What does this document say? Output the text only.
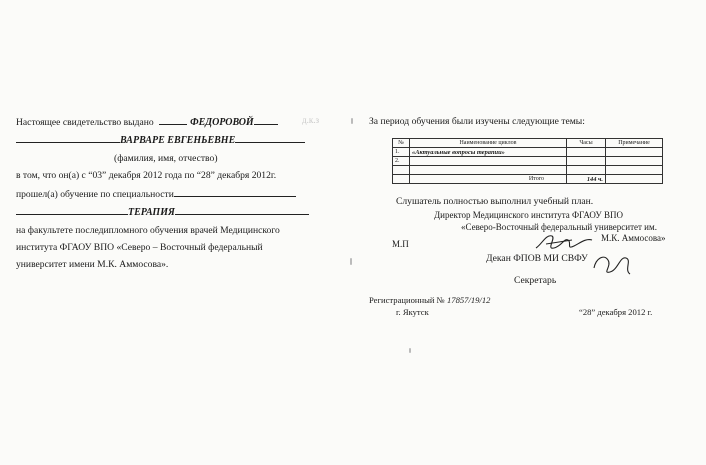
Настоящее свидетельство выдано	ФЕДОРОВОЙ	д.к.з
ВАРВАРЕ ЕВГЕНЬЕВНЕ
(фамилия, имя, отчество)
в том, что он(а) с “03” декабря 2012 года по “28” декабря 2012г.
прошел(а) обучение по специальности
ТЕРАПИЯ
на факультете последипломного обучения врачей Медицинского
института ФГАОУ ВПО «Северо – Восточный федеральный
университет имени М.К. Аммосова».
За период обучения были изучены следующие темы:
№	Наименование циклов	Часы	Примечание
1.	«Актуальные вопросы терапии»		
2.			

	Итого	144 ч.	
Слушатель полностью выполнил учебный план.
Директор Медицинского института ФГАОУ ВПО
«Северо-Восточный федеральный университет им.
М.К. Аммосова»
М.П
Декан ФПОВ МИ СВФУ
Секретарь
Регистрационный № 17857/19/12
г. Якутск	“28” декабря 2012 г.
